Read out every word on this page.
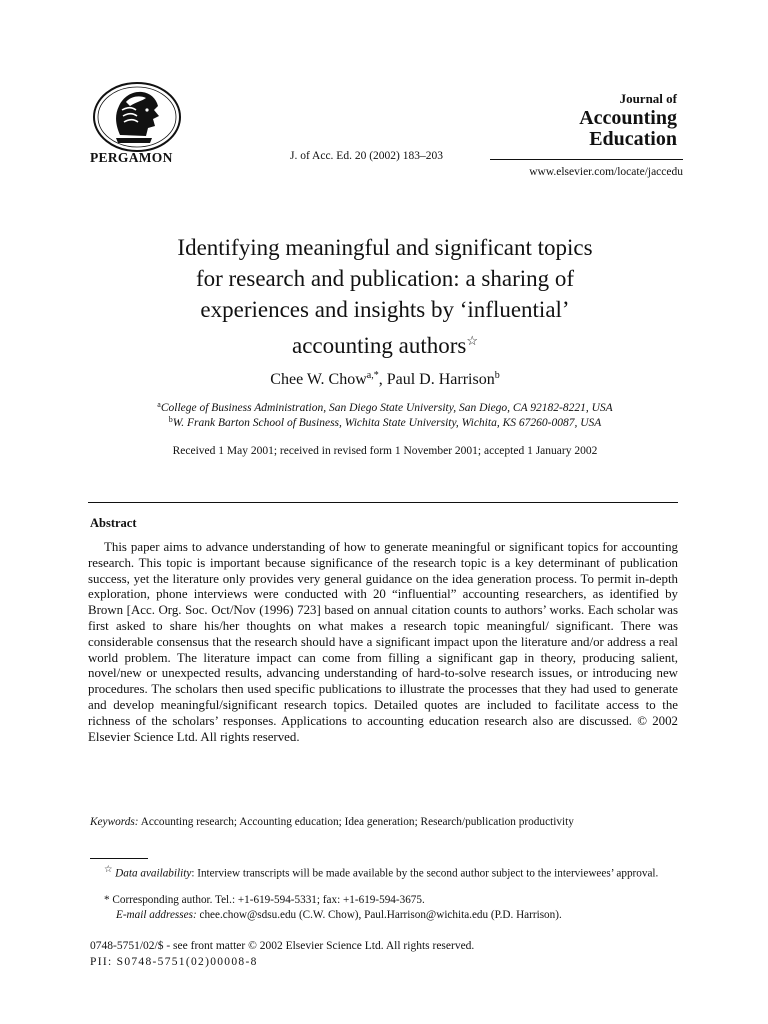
PERGAMON	J. of Acc. Ed. 20 (2002) 183–203
Journal of
Accounting
Education
www.elsevier.com/locate/jaccedu
Identifying meaningful and significant topics
for research and publication: a sharing of
experiences and insights by ‘influential’
accounting authors☆
Chee W. Chow$^{a,*}$, Paul D. Harrison$^b$
$^a$College of Business Administration, San Diego State University, San Diego, CA 92182-8221, USA
$^b$W. Frank Barton School of Business, Wichita State University, Wichita, KS 67260-0087, USA
Received 1 May 2001; received in revised form 1 November 2001; accepted 1 January 2002
Abstract

This paper aims to advance understanding of how to generate meaningful or significant topics for accounting research. This topic is important because significance of the research topic is a key determinant of publication success, yet the literature only provides very general guidance on the idea generation process. To permit in-depth exploration, phone interviews were conducted with 20 “influential” accounting researchers, as identified by Brown [Acc. Org. Soc. Oct/Nov (1996) 723] based on annual citation counts to authors’ works. Each scholar was first asked to share his/her thoughts on what makes a research topic meaningful/ significant. There was considerable consensus that the research should have a significant impact upon the literature and/or address a real world problem. The literature impact can come from filling a significant gap in theory, producing salient, novel/new or unexpected results, advancing understanding of hard-to-solve research issues, or introducing new procedures. The scholars then used specific publications to illustrate the processes that they had used to generate and develop meaningful/significant research topics. Detailed quotes are included to facilitate access to the richness of the scholars’ responses. Applications to accounting education research also are discussed. © 2002 Elsevier Science Ltd. All rights reserved.

Keywords: Accounting research; Accounting education; Idea generation; Research/publication productivity
☆ Data availability: Interview transcripts will be made available by the second author subject to the interviewees’ approval.
* Corresponding author. Tel.: +1-619-594-5331; fax: +1-619-594-3675.
E-mail addresses: chee.chow@sdsu.edu (C.W. Chow), Paul.Harrison@wichita.edu (P.D. Harrison).
0748-5751/02/$ - see front matter © 2002 Elsevier Science Ltd. All rights reserved.
PII: S0748-5751(02)00008-8
